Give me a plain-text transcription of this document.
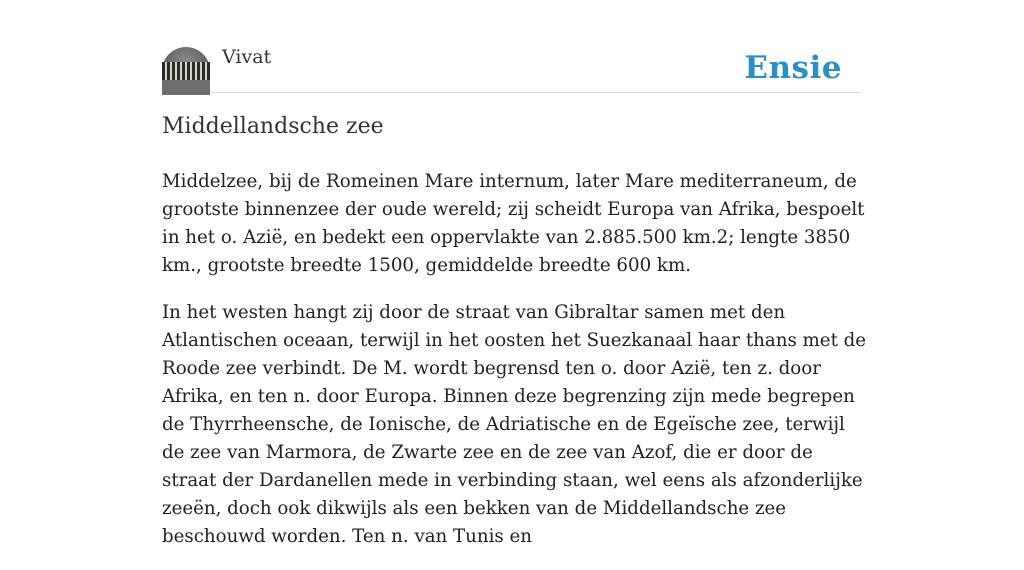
Vivat	Ensie
Middellandsche zee

Middelzee, bij de Romeinen Mare internum, later Mare mediterraneum, de grootste binnenzee der oude wereld; zij scheidt Europa van Afrika, bespoelt in het o. Azië, en bedekt een oppervlakte van 2.885.500 km.2; lengte 3850 km., grootste breedte 1500, gemiddelde breedte 600 km.

In het westen hangt zij door de straat van Gibraltar samen met den Atlantischen oceaan, terwijl in het oosten het Suezkanaal haar thans met de Roode zee verbindt. De M. wordt begrensd ten o. door Azië, ten z. door Afrika, en ten n. door Europa. Binnen deze begrenzing zijn mede begrepen de Thyrrheensche, de Ionische, de Adriatische en de Egeïsche zee, terwijl de zee van Marmora, de Zwarte zee en de zee van Azof, die er door de straat der Dardanellen mede in verbinding staan, wel eens als afzonderlijke zeeën, doch ook dikwijls als een bekken van de Middellandsche zee beschouwd worden. Ten n. van Tunis en
